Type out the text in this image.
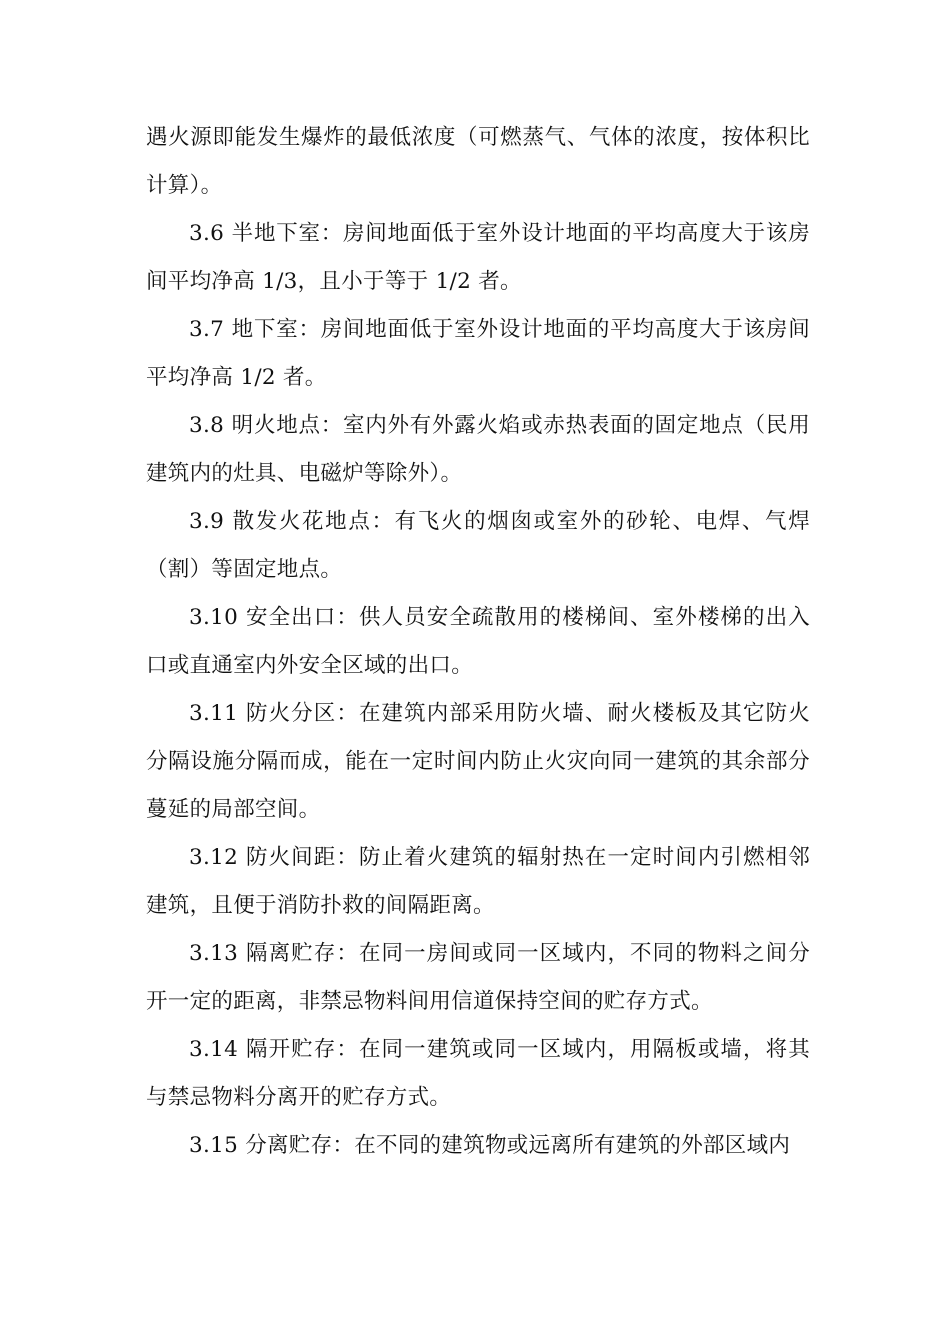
遇火源即能发生爆炸的最低浓度（可燃蒸气、气体的浓度，按体积比计算）。

3.6 半地下室：房间地面低于室外设计地面的平均高度大于该房间平均净高 1/3，且小于等于 1/2 者。

3.7 地下室：房间地面低于室外设计地面的平均高度大于该房间平均净高 1/2 者。

3.8 明火地点：室内外有外露火焰或赤热表面的固定地点（民用建筑内的灶具、电磁炉等除外）。

3.9 散发火花地点：有飞火的烟囱或室外的砂轮、电焊、气焊（割）等固定地点。

3.10 安全出口：供人员安全疏散用的楼梯间、室外楼梯的出入口或直通室内外安全区域的出口。

3.11 防火分区：在建筑内部采用防火墙、耐火楼板及其它防火分隔设施分隔而成，能在一定时间内防止火灾向同一建筑的其余部分蔓延的局部空间。

3.12 防火间距：防止着火建筑的辐射热在一定时间内引燃相邻建筑，且便于消防扑救的间隔距离。

3.13 隔离贮存：在同一房间或同一区域内，不同的物料之间分开一定的距离，非禁忌物料间用信道保持空间的贮存方式。

3.14 隔开贮存：在同一建筑或同一区域内，用隔板或墙，将其与禁忌物料分离开的贮存方式。

3.15 分离贮存：在不同的建筑物或远离所有建筑的外部区域内
